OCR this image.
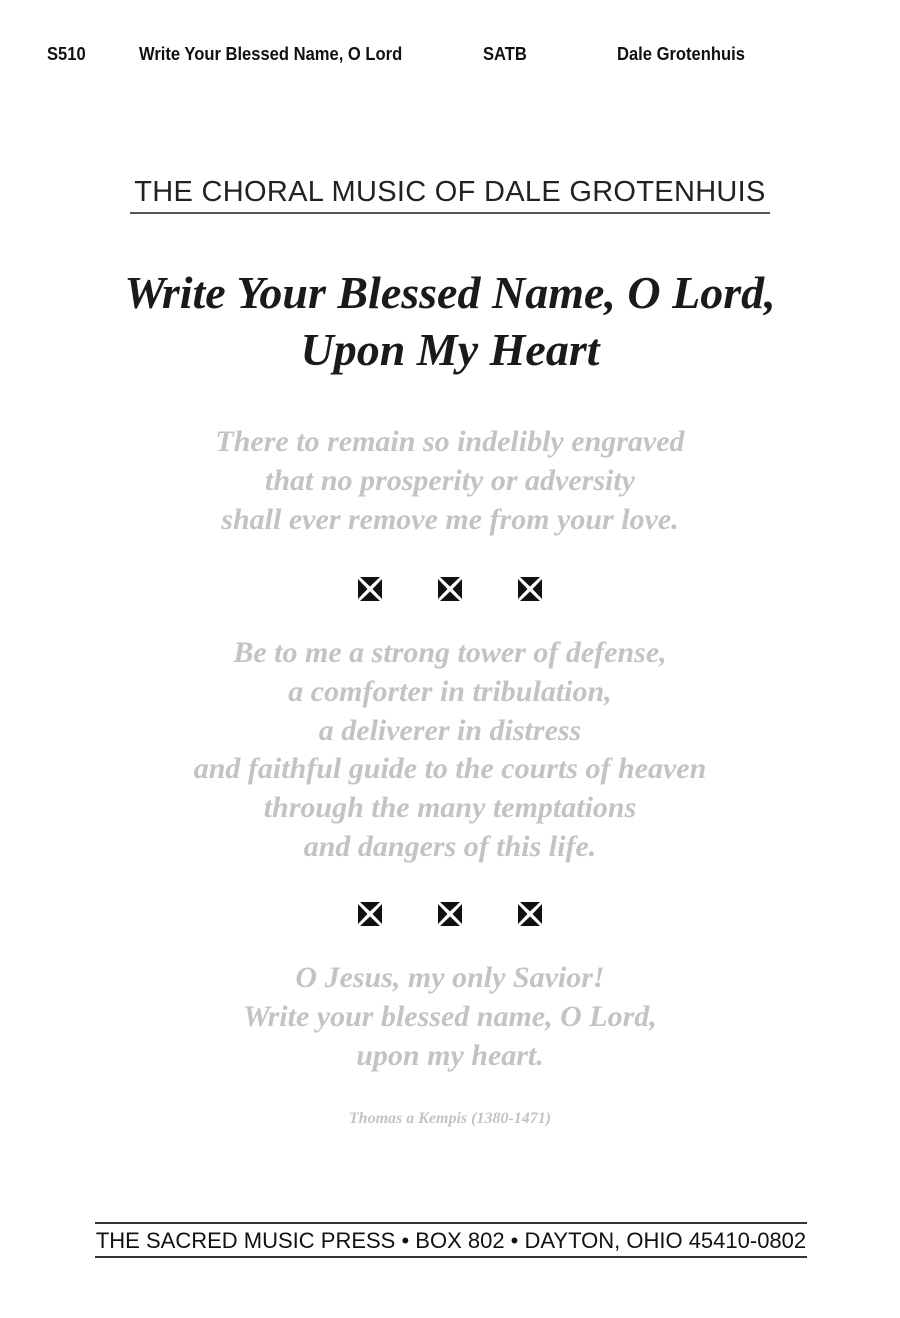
S510	Write Your Blessed Name, O Lord	SATB	Dale Grotenhuis
THE CHORAL MUSIC OF DALE GROTENHUIS
Write Your Blessed Name, O Lord,
Upon My Heart
There to remain so indelibly engraved
that no prosperity or adversity
shall ever remove me from your love.
Be to me a strong tower of defense,
a comforter in tribulation,
a deliverer in distress
and faithful guide to the courts of heaven
through the many temptations
and dangers of this life.
O Jesus, my only Savior!
Write your blessed name, O Lord,
upon my heart.
Thomas a Kempis (1380-1471)
THE SACRED MUSIC PRESS • BOX 802 • DAYTON, OHIO 45410-0802
